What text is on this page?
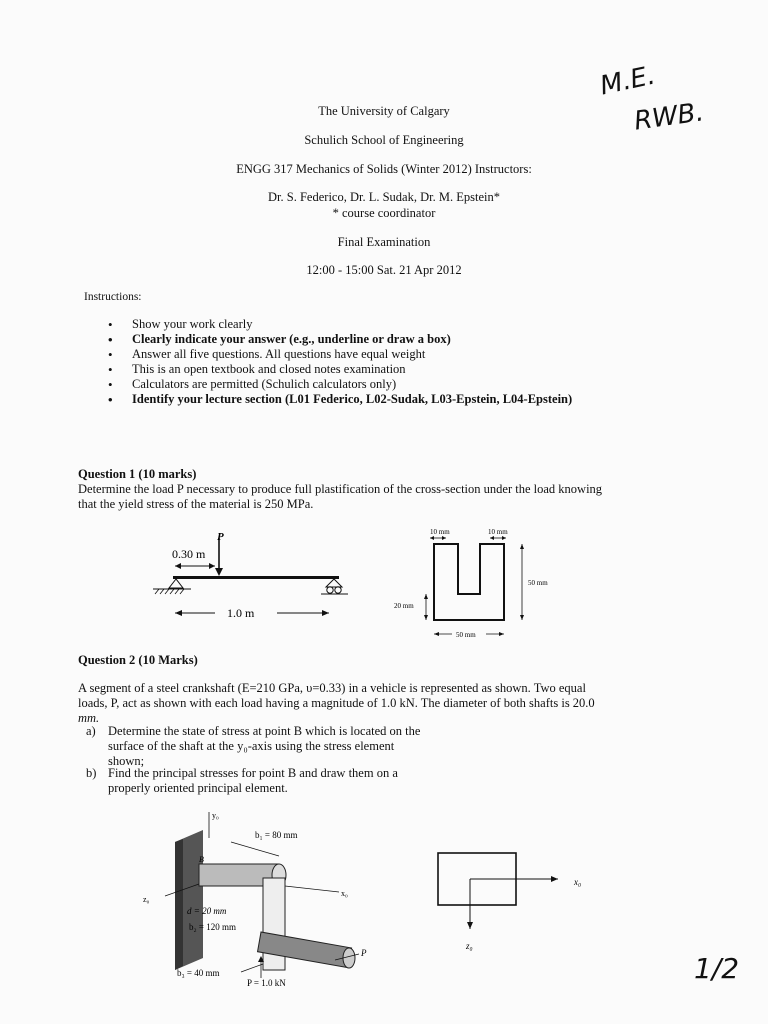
The University of Calgary
Schulich School of Engineering
ENGG 317 Mechanics of Solids (Winter 2012) Instructors:
Dr. S. Federico, Dr. L. Sudak, Dr. M. Epstein*
* course coordinator
Final Examination
12:00 - 15:00 Sat. 21 Apr 2012
M.E.
RWB.
Instructions:
• Show your work clearly
• Clearly indicate your answer (e.g., underline or draw a box)
• Answer all five questions. All questions have equal weight
• This is an open textbook and closed notes examination
• Calculators are permitted (Schulich calculators only)
• Identify your lecture section (L01 Federico, L02-Sudak, L03-Epstein, L04-Epstein)
Question 1 (10 marks)
Determine the load P necessary to produce full plastification of the cross-section under the load knowing
that the yield stress of the material is 250 MPa.
P
0.30 m
1.0 m
10 mm	10 mm
50 mm
20 mm
50 mm
Question 2 (10 Marks)
A segment of a steel crankshaft (E=210 GPa, υ=0.33) in a vehicle is represented as shown. Two equal
loads, P, act as shown with each load having a magnitude of 1.0 kN. The diameter of both shafts is 20.0
mm.
a) Determine the state of stress at point B which is located on the
surface of the shaft at the y₀-axis using the stress element
shown;
b) Find the principal stresses for point B and draw them on a
properly oriented principal element.
y₀
B
x₀
z₀
b₁ = 80 mm
d = 20 mm
b₂ = 120 mm
P
b₃ = 40 mm
P = 1.0 kN
x₀
z₀
1/2
